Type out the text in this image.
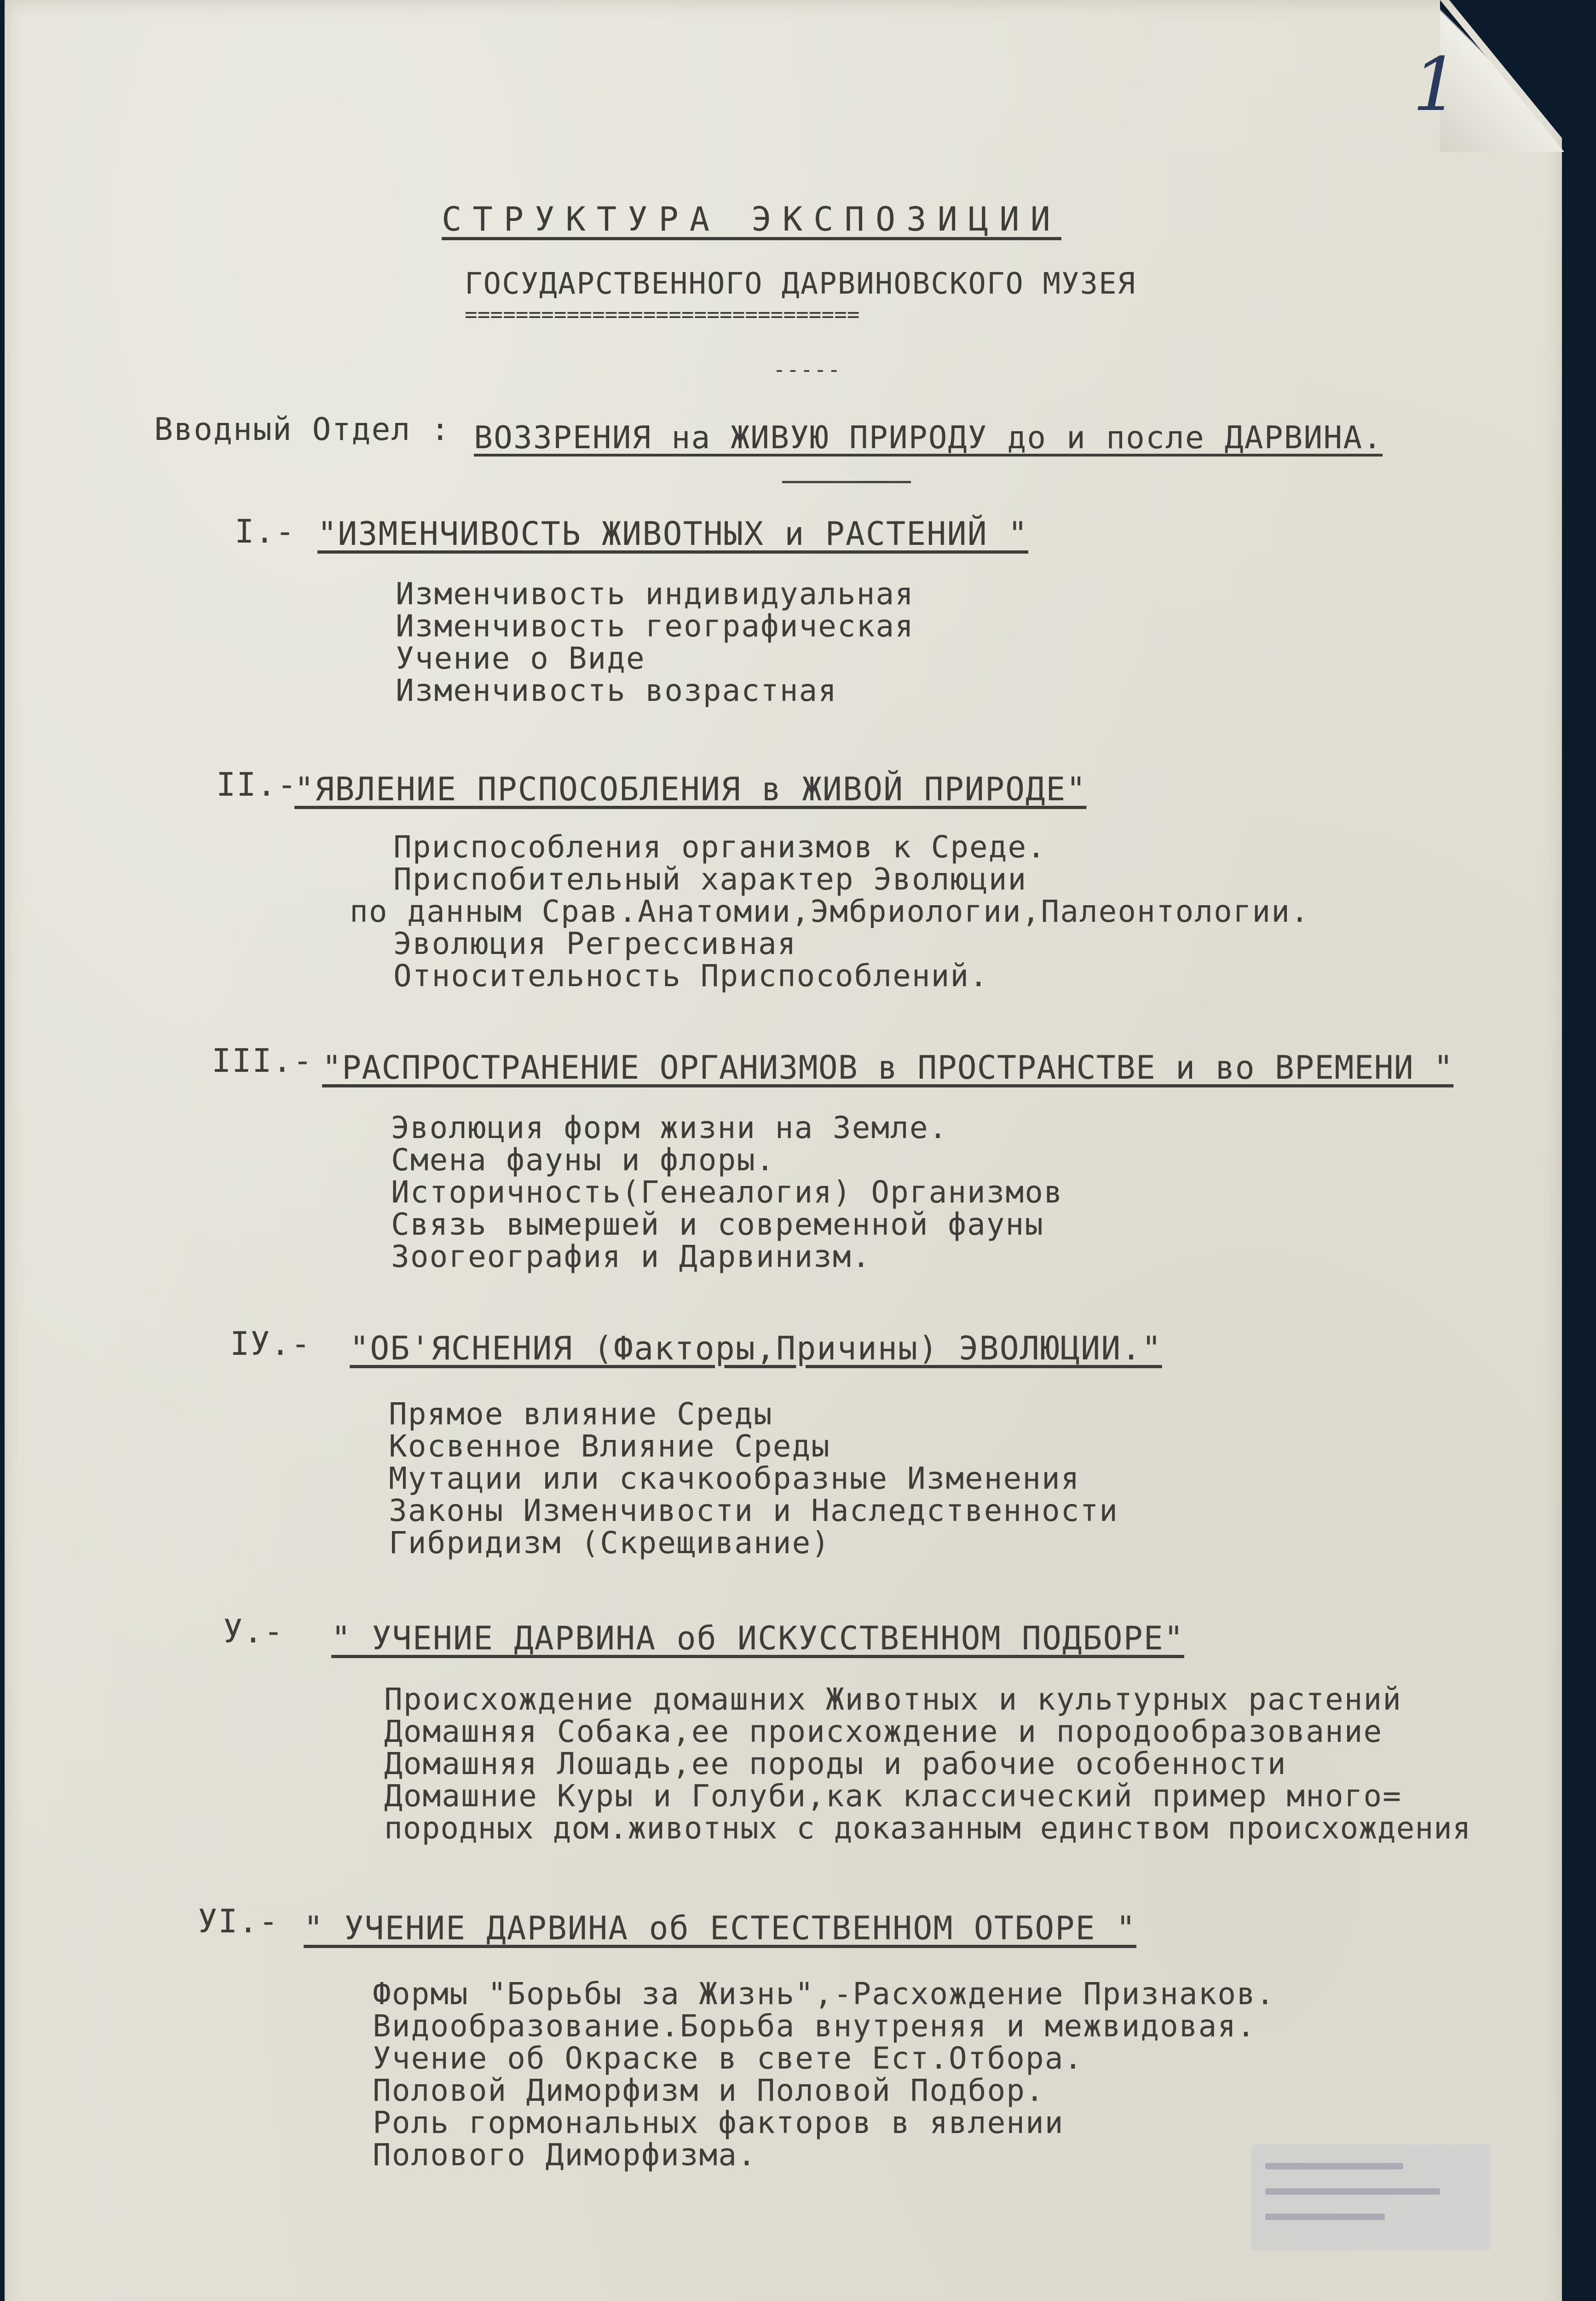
1
СТРУКТУРА ЭКСПОЗИЦИИ
ГОСУДАРСТВЕННОГО ДАРВИНОВСКОГО МУЗЕЯ
===============================
-----
Вводный Отдел : ВОЗЗРЕНИЯ на ЖИВУЮ ПРИРОДУ до и после ДАРВИНА.
I.- "ИЗМЕНЧИВОСТЬ ЖИВОТНЫХ и РАСТЕНИЙ "
Изменчивость индивидуальная
Изменчивость географическая
Учение о Виде
Изменчивость возрастная
II.-
"ЯВЛЕНИЕ ПРСПОСОБЛЕНИЯ в ЖИВОЙ ПРИРОДЕ"
Приспособления организмов к Среде.
Приспобительный характер Эволюции
по данным Срав.Анатомии,Эмбриологии,Палеонтологии.
Эволюция Регрессивная
Относительность Приспособлений.
III.- "РАСПРОСТРАНЕНИЕ ОРГАНИЗМОВ в ПРОСТРАНСТВЕ и во ВРЕМЕНИ "
Эволюция форм жизни на Земле.
Смена фауны и флоры.
Историчность(Генеалогия) Организмов
Связь вымершей и современной фауны
Зоогеография и Дарвинизм.
IУ.- "ОБ'ЯСНЕНИЯ (Факторы,Причины) ЭВОЛЮЦИИ."
Прямое влияние Среды
Косвенное Влияние Среды
Мутации или скачкообразные Изменения
Законы Изменчивости и Наследственности
Гибридизм (Скрещивание)
У.- " УЧЕНИЕ ДАРВИНА об ИСКУССТВЕННОМ ПОДБОРЕ"
Происхождение домашних Животных и культурных растений
Домашняя Собака,ее происхождение и породообразование
Домашняя Лошадь,ее породы и рабочие особенности
Домашние Куры и Голуби,как классический пример много=
породных дом.животных с доказанным единством происхождения
УI.- " УЧЕНИЕ ДАРВИНА об ЕСТЕСТВЕННОМ ОТБОРЕ "
Формы "Борьбы за Жизнь",-Расхождение Признаков.
Видообразование.Борьба внутреняя и межвидовая.
Учение об Окраске в свете Ест.Отбора.
Половой Диморфизм и Половой Подбор.
Роль гормональных факторов в явлении
Полового Диморфизма.
